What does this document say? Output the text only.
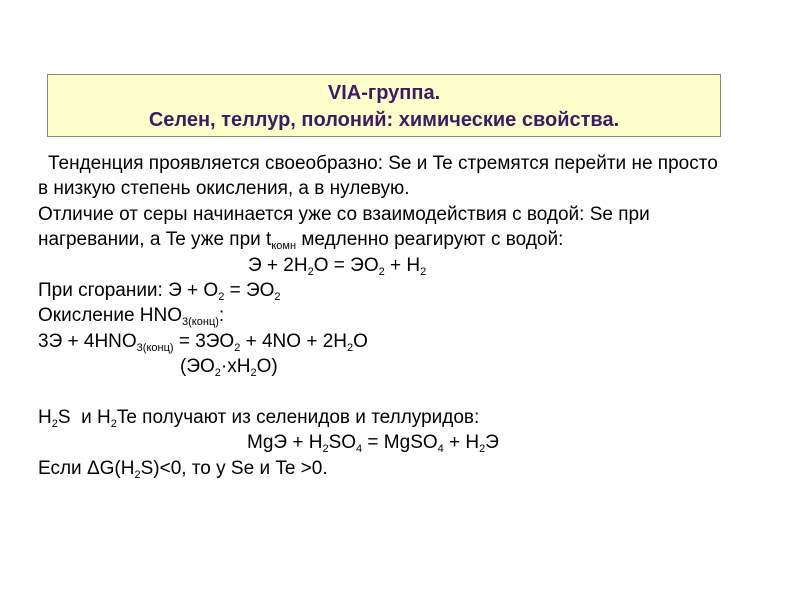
VIA-группа.
Селен, теллур, полоний: химические свойства.
Тенденция проявляется своеобразно: Se и Te стремятся перейти не просто
в низкую степень окисления, а в нулевую.
Отличие от серы начинается уже со взаимодействия с водой: Se при
нагревании, а Te уже при $t_{комн}$ медленно реагируют с водой:
$Э + 2H_2O = ЭO_2 + H_2$
При сгорании: $Э + O_2 = ЭO_2$
Окисление $HNO_{3(конц)}$:
$3Э + 4HNO_{3(конц)} = 3ЭO_2 + 4NO + 2H_2O$
$(ЭO_2\cdot xH_2O)$
$H_2S$  и $H_2Te$ получают из селенидов и теллуридов:
MgЭ + $H_2SO_4$ = MgSO$_4$ + $H_2Э$
Если $\Delta G(H_2S)<0$, то у Se и Te >0.
